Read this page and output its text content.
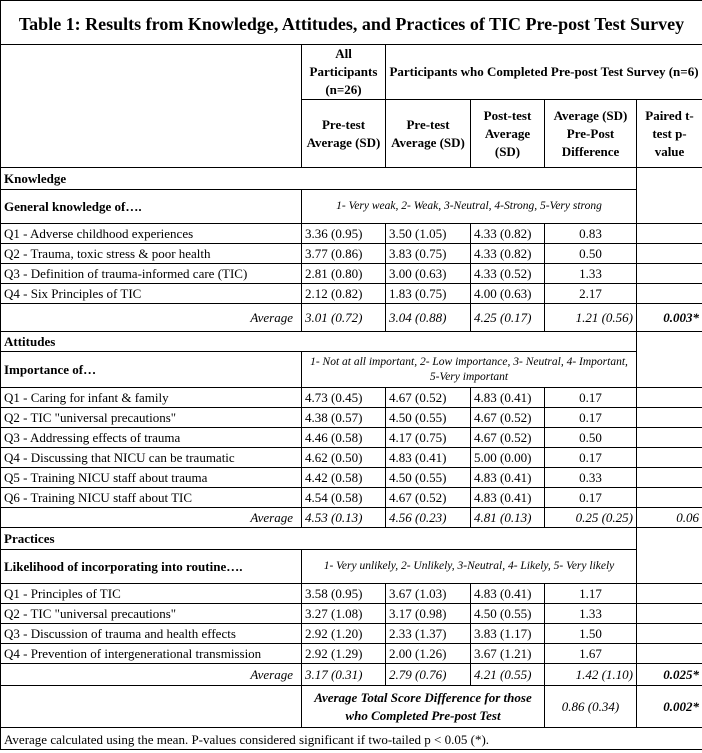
Table 1: Results from Knowledge, Attitudes, and Practices of TIC Pre-post Test Survey					
	All Participants (n=26)	Participants who Completed Pre-post Test Survey (n=6)			
	Pre-test Average (SD)	Pre-test Average (SD)	Post-test Average (SD)	Average (SD) Pre-Post Difference	Paired t-test p-value
Knowledge					
General knowledge of….	1- Very weak, 2- Weak, 3-Neutral, 4-Strong, 5-Very strong				
Q1 - Adverse childhood experiences	3.36 (0.95)	3.50 (1.05)	4.33 (0.82)	0.83	
Q2 - Trauma, toxic stress & poor health	3.77 (0.86)	3.83 (0.75)	4.33 (0.82)	0.50	
Q3 - Definition of trauma-informed care (TIC)	2.81 (0.80)	3.00 (0.63)	4.33 (0.52)	1.33	
Q4 - Six Principles of TIC	2.12 (0.82)	1.83 (0.75)	4.00 (0.63)	2.17	
Average	3.01 (0.72)	3.04 (0.88)	4.25 (0.17)	1.21 (0.56)	0.003*
Attitudes					
Importance of…	1- Not at all important, 2- Low importance, 3- Neutral, 4- Important, 5-Very important				
Q1 - Caring for infant & family	4.73 (0.45)	4.67 (0.52)	4.83 (0.41)	0.17	
Q2 - TIC "universal precautions"	4.38 (0.57)	4.50 (0.55)	4.67 (0.52)	0.17	
Q3 - Addressing effects of trauma	4.46 (0.58)	4.17 (0.75)	4.67 (0.52)	0.50	
Q4 - Discussing that NICU can be traumatic	4.62 (0.50)	4.83 (0.41)	5.00 (0.00)	0.17	
Q5 - Training NICU staff about trauma	4.42 (0.58)	4.50 (0.55)	4.83 (0.41)	0.33	
Q6 - Training NICU staff about TIC	4.54 (0.58)	4.67 (0.52)	4.83 (0.41)	0.17	
Average	4.53 (0.13)	4.56 (0.23)	4.81 (0.13)	0.25 (0.25)	0.06
Practices					
Likelihood of incorporating into routine….	1- Very unlikely, 2- Unlikely, 3-Neutral, 4- Likely, 5- Very likely				
Q1 - Principles of TIC	3.58 (0.95)	3.67 (1.03)	4.83 (0.41)	1.17	
Q2 - TIC "universal precautions"	3.27 (1.08)	3.17 (0.98)	4.50 (0.55)	1.33	
Q3 - Discussion of trauma and health effects	2.92 (1.20)	2.33 (1.37)	3.83 (1.17)	1.50	
Q4 - Prevention of intergenerational transmission	2.92 (1.29)	2.00 (1.26)	3.67 (1.21)	1.67	
Average	3.17 (0.31)	2.79 (0.76)	4.21 (0.55)	1.42 (1.10)	0.025*
	Average Total Score Difference for those who Completed Pre-post Test			0.86 (0.34)	0.002*
Average calculated using the mean. P-values considered significant if two-tailed p < 0.05 (*).					
